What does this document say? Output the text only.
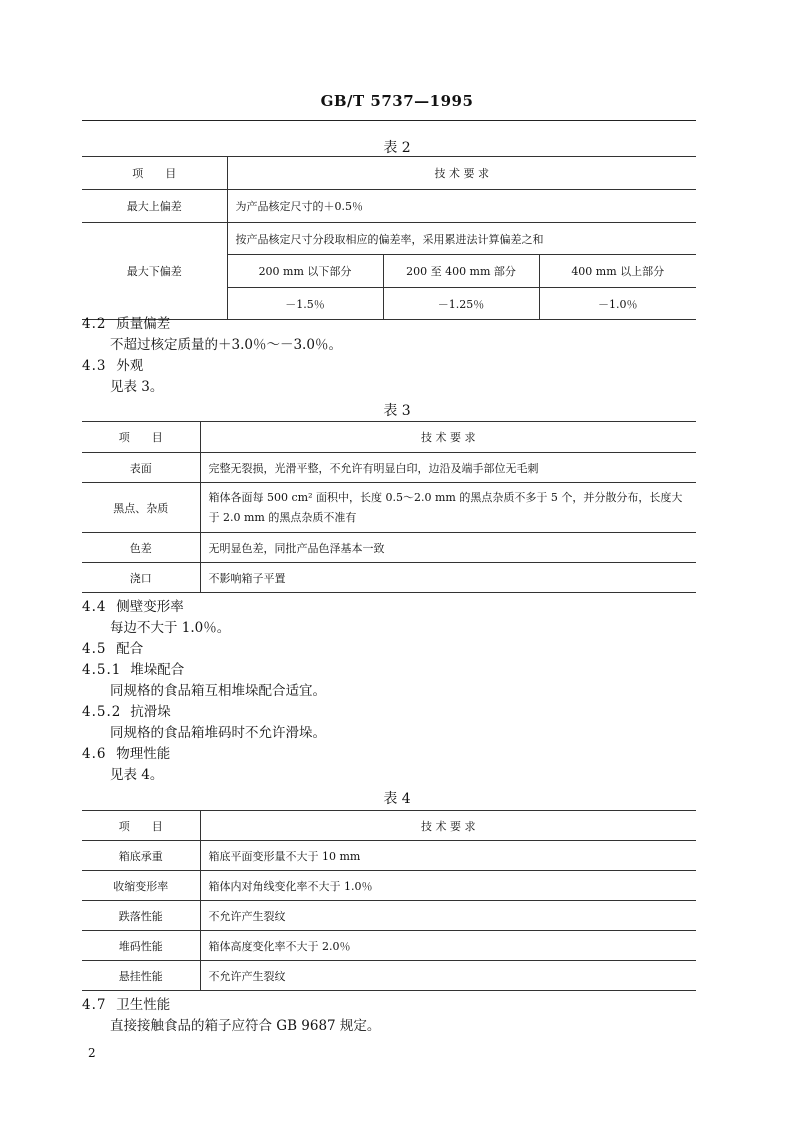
GB/T 5737—1995
表 2
项　　目	技 术 要 求		
最大上偏差	为产品核定尺寸的＋0.5％		
最大下偏差	按产品核定尺寸分段取相应的偏差率，采用累进法计算偏差之和		
	200 mm 以下部分	200 至 400 mm 部分	400 mm 以上部分
	－1.5％	－1.25％	－1.0％
4.2 质量偏差
不超过核定质量的＋3.0％～－3.0％。
4.3 外观
见表 3。
表 3
项　　目	技 术 要 求
表面	完整无裂损，光滑平整，不允许有明显白印，边沿及端手部位无毛刺
黑点、杂质	箱体各面每 500 cm² 面积中，长度 0.5～2.0 mm 的黑点杂质不多于 5 个，并分散分布，长度大于 2.0 mm 的黑点杂质不准有
色差	无明显色差，同批产品色泽基本一致
浇口	不影响箱子平置
4.4 侧壁变形率
每边不大于 1.0％。
4.5 配合
4.5.1 堆垛配合
同规格的食品箱互相堆垛配合适宜。
4.5.2 抗滑垛
同规格的食品箱堆码时不允许滑垛。
4.6 物理性能
见表 4。
表 4
项　　目	技 术 要 求
箱底承重	箱底平面变形量不大于 10 mm
收缩变形率	箱体内对角线变化率不大于 1.0％
跌落性能	不允许产生裂纹
堆码性能	箱体高度变化率不大于 2.0％
悬挂性能	不允许产生裂纹
4.7 卫生性能
直接接触食品的箱子应符合 GB 9687 规定。
2
